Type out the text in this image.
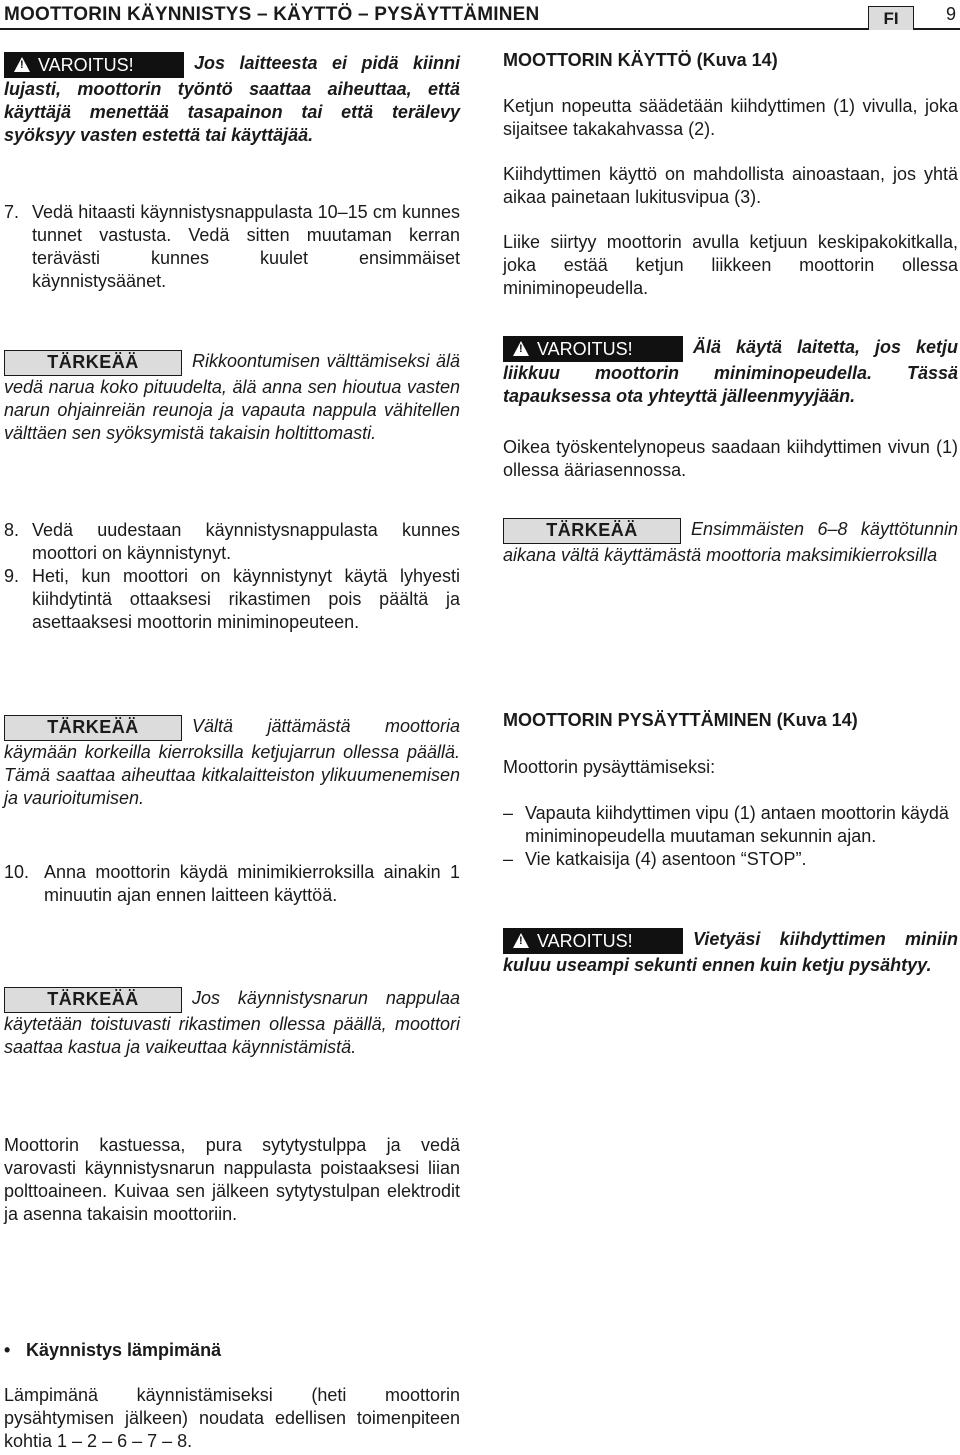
MOOTTORIN KÄYNNISTYS – KÄYTTÖ – PYSÄYTTÄMINEN	FI	9
! VAROITUS!	Jos laitteesta ei pidä kiinni lujasti, moottorin työntö saattaa aiheuttaa, että käyttäjä menettää tasapainon tai että terälevy syöksyy vasten estettä tai käyttäjää.
7. Vedä hitaasti käynnistysnappulasta 10–15 cm kunnes tunnet vastusta. Vedä sitten muutaman kerran terävästi kunnes kuulet ensimmäiset käynnistysäänet.
TÄRKEÄÄ	Rikkoontumisen välttämiseksi älä vedä narua koko pituudelta, älä anna sen hioutua vasten narun ohjainreiän reunoja ja vapauta nappula vähitellen välttäen sen syöksymistä takaisin holtittomasti.
8. Vedä uudestaan käynnistysnappulasta kunnes moottori on käynnistynyt.
9. Heti, kun moottori on käynnistynyt käytä lyhyesti kiihdytintä ottaaksesi rikastimen pois päältä ja asettaaksesi moottorin miniminopeuteen.
TÄRKEÄÄ	Vältä jättämästä moottoria käymään korkeilla kierroksilla ketjujarrun ollessa päällä. Tämä saattaa aiheuttaa kitkalaitteiston ylikuumenemisen ja vaurioitumisen.
10. Anna moottorin käydä minimikierroksilla ainakin 1 minuutin ajan ennen laitteen käyttöä.
TÄRKEÄÄ	Jos käynnistysnarun nappulaa käytetään toistuvasti rikastimen ollessa päällä, moottori saattaa kastua ja vaikeuttaa käynnistämistä.
Moottorin kastuessa, pura sytytystulppa ja vedä varovasti käynnistysnarun nappulasta poistaaksesi liian polttoaineen. Kuivaa sen jälkeen sytytystulpan elektrodit ja asenna takaisin moottoriin.
• Käynnistys lämpimänä
Lämpimänä käynnistämiseksi (heti moottorin pysähtymisen jälkeen) noudata edellisen toimenpiteen kohtia 1 – 2 – 6 – 7 – 8.
MOOTTORIN KÄYTTÖ (Kuva 14)
Ketjun nopeutta säädetään kiihdyttimen (1) vivulla, joka sijaitsee takakahvassa (2).
Kiihdyttimen käyttö on mahdollista ainoastaan, jos yhtä aikaa painetaan lukitusvipua (3).
Liike siirtyy moottorin avulla ketjuun keskipakokitkalla, joka estää ketjun liikkeen moottorin ollessa miniminopeudella.
! VAROITUS!	Älä käytä laitetta, jos ketju liikkuu moottorin miniminopeudella. Tässä tapauksessa ota yhteyttä jälleenmyyjään.
Oikea työskentelynopeus saadaan kiihdyttimen vivun (1) ollessa ääriasennossa.
TÄRKEÄÄ	Ensimmäisten 6–8 käyttötunnin aikana vältä käyttämästä moottoria maksimikierroksilla
MOOTTORIN PYSÄYTTÄMINEN (Kuva 14)
Moottorin pysäyttämiseksi:
– Vapauta kiihdyttimen vipu (1) antaen moottorin käydä miniminopeudella muutaman sekunnin ajan.
– Vie katkaisija (4) asentoon “STOP”.
! VAROITUS!	Vietyäsi kiihdyttimen miniin kuluu useampi sekunti ennen kuin ketju pysähtyy.
